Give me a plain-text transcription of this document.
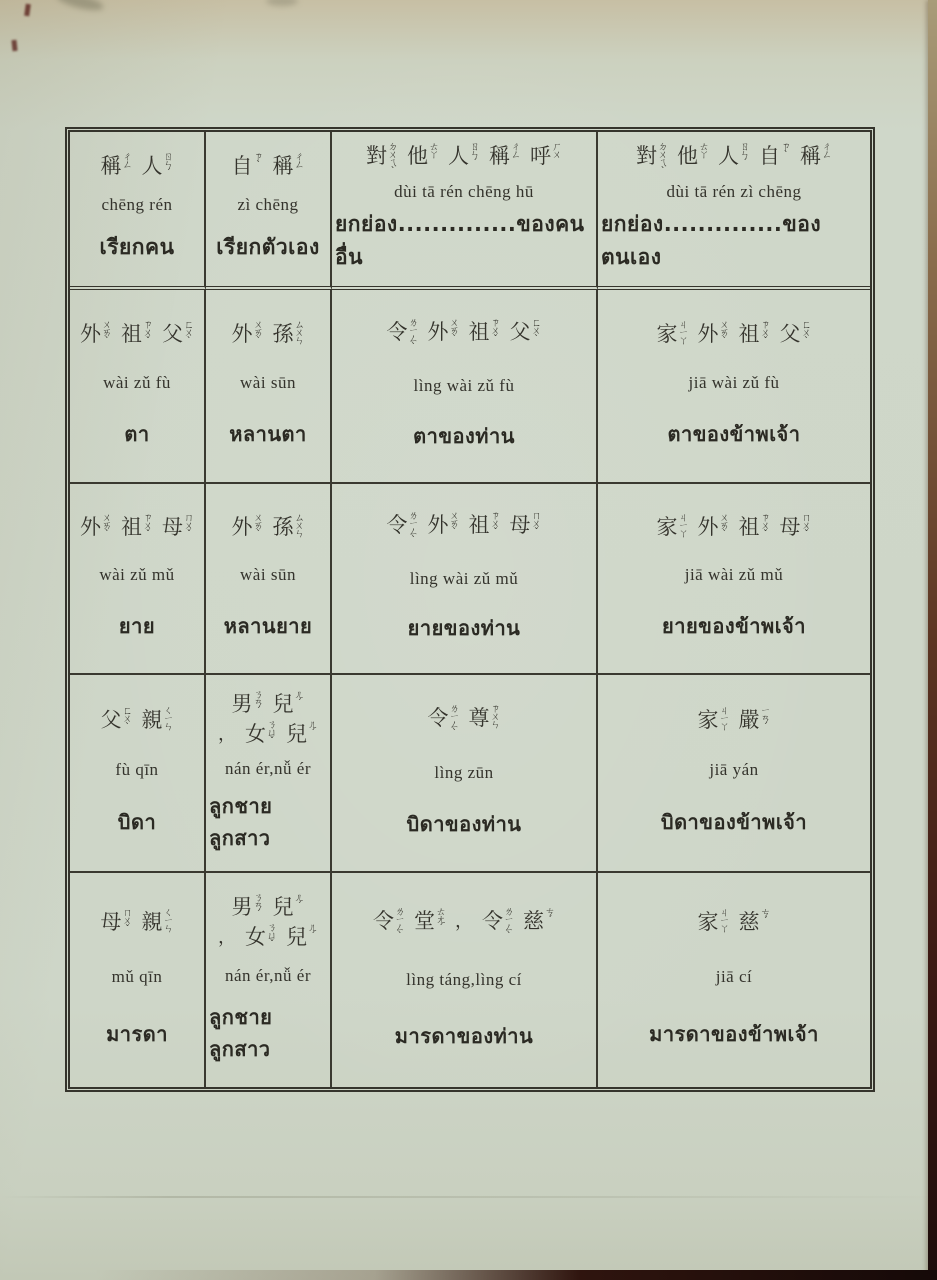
稱 ㄔ
ㄥ 人 ㄖ
ㄣ
ˊ
chēng rén
เรียกคน
自 ㄗ
ˋ 稱 ㄔ
ㄥ
zì chēng
เรียกตัวเอง
對 ㄉ
ㄨ
ㄟ
ˋ
他 ㄊ
ㄚ 人 ㄖ
ㄣ
ˊ 稱 ㄔ
ㄥ 呼 ㄏ
ㄨ
dùi tā rén chēng hū
ยกย่อง..............ของคนอื่น
對 ㄉ
ㄨ
ㄟ
ˋ
他 ㄊ
ㄚ 人 ㄖ
ㄣ
ˊ 自 ㄗ
ˋ 稱 ㄔ
ㄥ
dùi tā rén zì chēng
ยกย่อง..............ของตนเอง
外 ㄨ
ㄞ
ˋ 祖 ㄗ
ㄨ
ˇ 父 ㄈ
ㄨ
ˋ
wài zǔ fù
ตา
外 ㄨ
ㄞ
ˋ 孫 ㄙ
ㄨ
ㄣ
wài sūn
หลานตา
令 ㄌ
ㄧ
ㄥ
ˋ
外 ㄨ
ㄞ
ˋ 祖 ㄗ
ㄨ
ˇ 父 ㄈ
ㄨ
ˋ
lìng wài zǔ fù
ตาของท่าน
家 ㄐ
ㄧ
ㄚ 外 ㄨ
ㄞ
ˋ 祖 ㄗ
ㄨ
ˇ 父 ㄈ
ㄨ
ˋ
jiā wài zǔ fù
ตาของข้าพเจ้า
外 ㄨ
ㄞ
ˋ 祖 ㄗ
ㄨ
ˇ 母 ㄇ
ㄨ
ˇ
wài zǔ mǔ
ยาย
外 ㄨ
ㄞ
ˋ 孫 ㄙ
ㄨ
ㄣ
wài sūn
หลานยาย
令 ㄌ
ㄧ
ㄥ
ˋ
外 ㄨ
ㄞ
ˋ 祖 ㄗ
ㄨ
ˇ 母 ㄇ
ㄨ
ˇ
lìng wài zǔ mǔ
ยายของท่าน
家 ㄐ
ㄧ
ㄚ 外 ㄨ
ㄞ
ˋ 祖 ㄗ
ㄨ
ˇ 母 ㄇ
ㄨ
ˇ
jiā wài zǔ mǔ
ยายของข้าพเจ้า
父 ㄈ
ㄨ
ˋ 親 ㄑ
ㄧ
ㄣ
fù qīn
บิดา
男 ㄋ
ㄢ
ˊ 兒 ㄦ
ˊ
， 女 ㄋ
ㄩ
ˇ 兒 ㄦ
ˊ
nán ér,nǚ ér
ลูกชาย ลูกสาว
令 ㄌ
ㄧ
ㄥ
ˋ
尊 ㄗ
ㄨ
ㄣ
lìng zūn
บิดาของท่าน
家 ㄐ
ㄧ
ㄚ 嚴 ㄧ
ㄢ
ˊ
jiā yán
บิดาของข้าพเจ้า
母 ㄇ
ㄨ
ˇ 親 ㄑ
ㄧ
ㄣ
mǔ qīn
มารดา
男 ㄋ
ㄢ
ˊ 兒 ㄦ
ˊ
， 女 ㄋ
ㄩ
ˇ 兒 ㄦ
ˊ
nán ér,nǚ ér
ลูกชาย ลูกสาว
令 ㄌ
ㄧ
ㄥ
ˋ
堂 ㄊ
ㄤ
ˊ ， 令 ㄌ
ㄧ
ㄥ
ˋ
慈 ㄘ
ˊ
lìng táng,lìng cí
มารดาของท่าน
家 ㄐ
ㄧ
ㄚ 慈 ㄘ
ˊ
jiā cí
มารดาของข้าพเจ้า
